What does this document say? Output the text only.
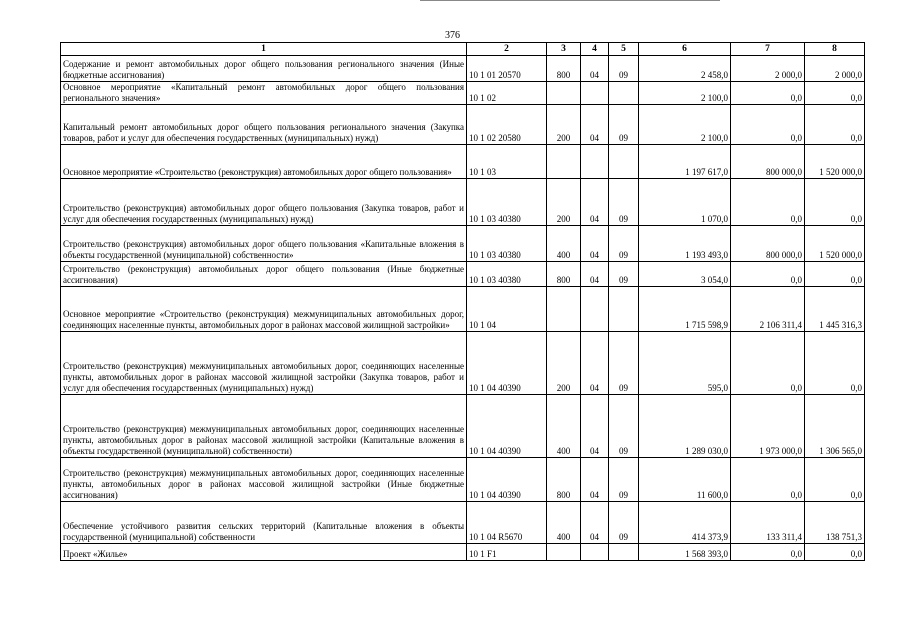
376
1	2	3	4	5	6	7	8
Содержание и ремонт автомобильных дорог общего пользования регионального значения (Иные бюджетные ассигнования)	10 1 01 20570	800	04	09	2 458,0	2 000,0	2 000,0
Основное мероприятие «Капитальный ремонт автомобильных дорог общего пользования регионального значения»	10 1 02				2 100,0	0,0	0,0
Капитальный ремонт автомобильных дорог общего пользования регионального значения (Закупка товаров, работ и услуг для обеспечения государственных (муниципальных) нужд)	10 1 02 20580	200	04	09	2 100,0	0,0	0,0
Основное мероприятие «Строительство (реконструкция) автомобильных дорог общего пользования»	10 1 03				1 197 617,0	800 000,0	1 520 000,0
Строительство (реконструкция) автомобильных дорог общего пользования (Закупка товаров, работ и услуг для обеспечения государственных (муниципальных) нужд)	10 1 03 40380	200	04	09	1 070,0	0,0	0,0
Строительство (реконструкция) автомобильных дорог общего пользования «Капитальные вложения в объекты государственной (муниципальной) собственности»	10 1 03 40380	400	04	09	1 193 493,0	800 000,0	1 520 000,0
Строительство (реконструкция) автомобильных дорог общего пользования (Иные бюджетные ассигнования)	10 1 03 40380	800	04	09	3 054,0	0,0	0,0
Основное мероприятие «Строительство (реконструкция) межмуниципальных автомобильных дорог, соединяющих населенные пункты, автомобильных дорог в районах массовой жилищной застройки»	10 1 04				1 715 598,9	2 106 311,4	1 445 316,3
Строительство (реконструкция) межмуниципальных автомобильных дорог, соединяющих населенные пункты, автомобильных дорог в районах массовой жилищной застройки (Закупка товаров, работ и услуг для обеспечения государственных (муниципальных) нужд)	10 1 04 40390	200	04	09	595,0	0,0	0,0
Строительство (реконструкция) межмуниципальных автомобильных дорог, соединяющих населенные пункты, автомобильных дорог в районах массовой жилищной застройки (Капитальные вложения в объекты государственной (муниципальной) собственности)	10 1 04 40390	400	04	09	1 289 030,0	1 973 000,0	1 306 565,0
Строительство (реконструкция) межмуниципальных автомобильных дорог, соединяющих населенные пункты, автомобильных дорог в районах массовой жилищной застройки (Иные бюджетные ассигнования)	10 1 04 40390	800	04	09	11 600,0	0,0	0,0
Обеспечение устойчивого развития сельских территорий (Капитальные вложения в объекты государственной (муниципальной) собственности	10 1 04 R5670	400	04	09	414 373,9	133 311,4	138 751,3
Проект «Жилье»	10 1 F1				1 568 393,0	0,0	0,0
